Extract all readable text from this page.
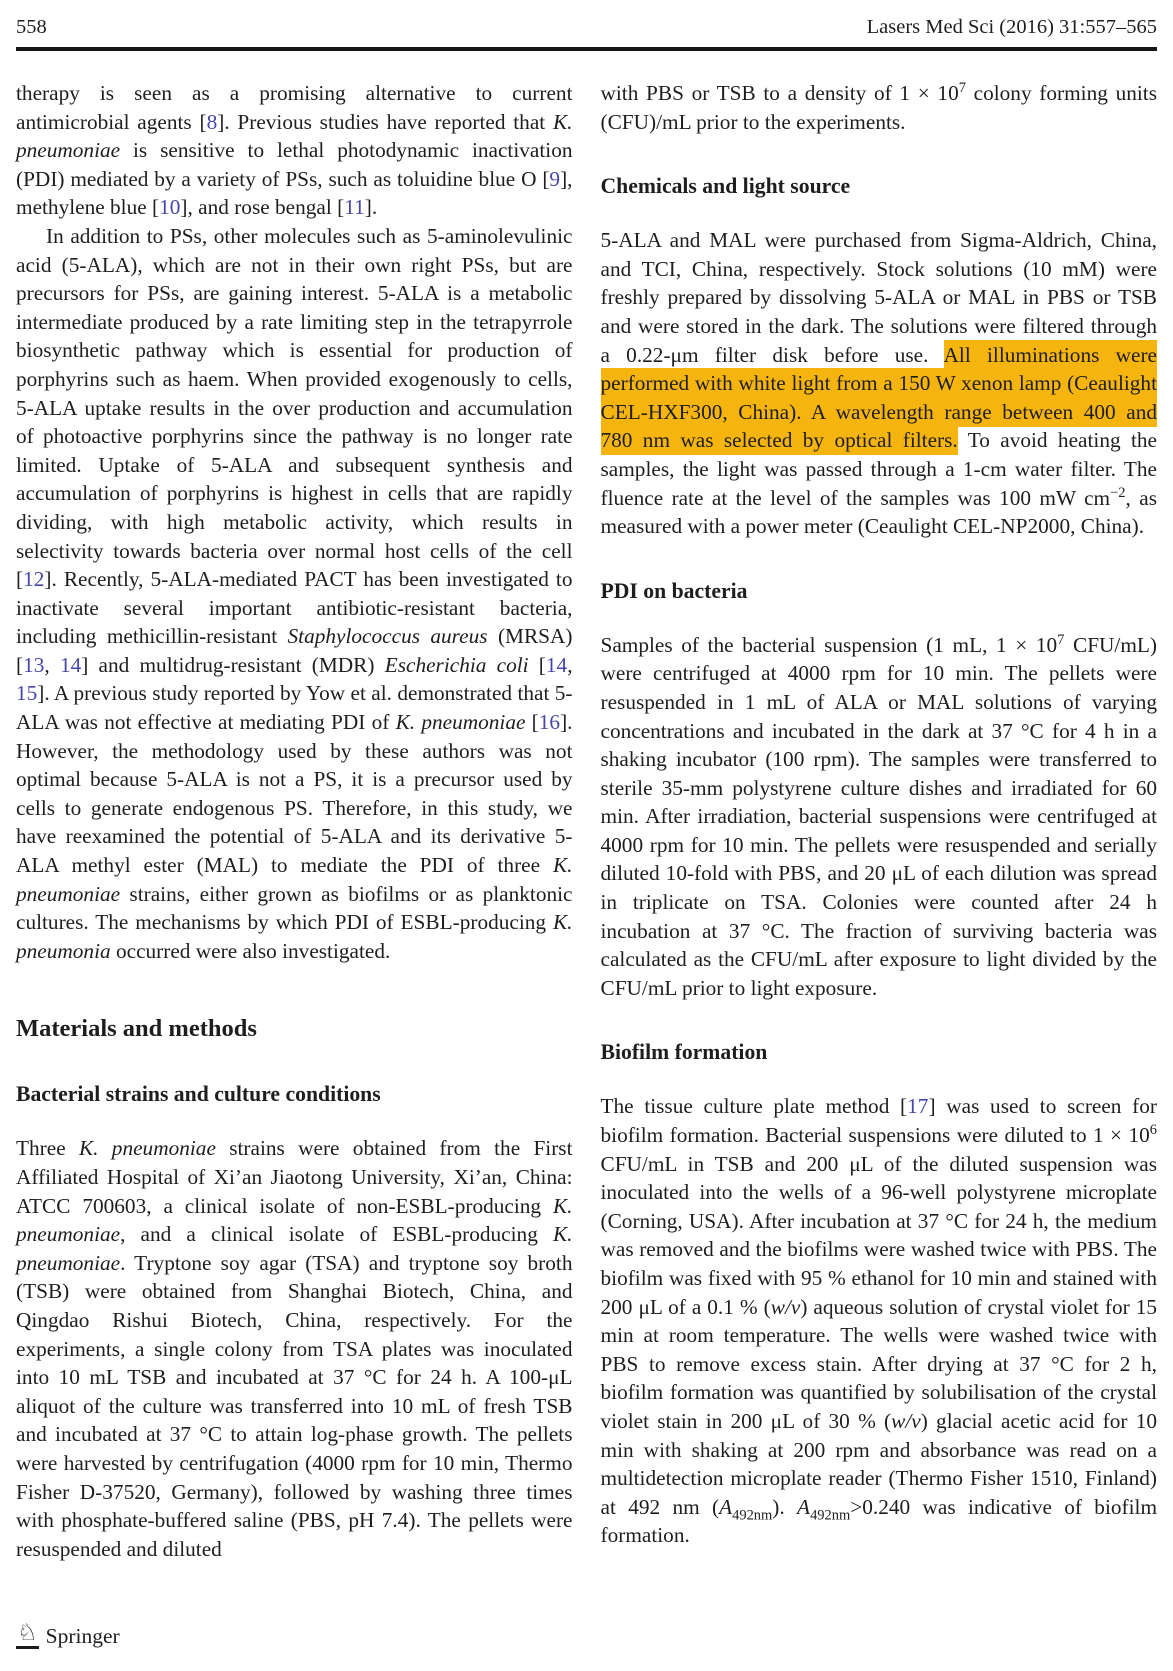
558	Lasers Med Sci (2016) 31:557–565

therapy is seen as a promising alternative to current antimicrobial agents [8]. Previous studies have reported that K. pneumoniae is sensitive to lethal photodynamic inactivation (PDI) mediated by a variety of PSs, such as toluidine blue O [9], methylene blue [10], and rose bengal [11].

In addition to PSs, other molecules such as 5-aminolevulinic acid (5-ALA), which are not in their own right PSs, but are precursors for PSs, are gaining interest. 5-ALA is a metabolic intermediate produced by a rate limiting step in the tetrapyrrole biosynthetic pathway which is essential for production of porphyrins such as haem. When provided exogenously to cells, 5-ALA uptake results in the over production and accumulation of photoactive porphyrins since the pathway is no longer rate limited. Uptake of 5-ALA and subsequent synthesis and accumulation of porphyrins is highest in cells that are rapidly dividing, with high metabolic activity, which results in selectivity towards bacteria over normal host cells of the cell [12]. Recently, 5-ALA-mediated PACT has been investigated to inactivate several important antibiotic-resistant bacteria, including methicillin-resistant Staphylococcus aureus (MRSA) [13, 14] and multidrug-resistant (MDR) Escherichia coli [14, 15]. A previous study reported by Yow et al. demonstrated that 5-ALA was not effective at mediating PDI of K. pneumoniae [16]. However, the methodology used by these authors was not optimal because 5-ALA is not a PS, it is a precursor used by cells to generate endogenous PS. Therefore, in this study, we have reexamined the potential of 5-ALA and its derivative 5-ALA methyl ester (MAL) to mediate the PDI of three K. pneumoniae strains, either grown as biofilms or as planktonic cultures. The mechanisms by which PDI of ESBL-producing K. pneumonia occurred were also investigated.

Materials and methods
Bacterial strains and culture conditions

Three K. pneumoniae strains were obtained from the First Affiliated Hospital of Xi’an Jiaotong University, Xi’an, China: ATCC 700603, a clinical isolate of non-ESBL-producing K. pneumoniae, and a clinical isolate of ESBL-producing K. pneumoniae. Tryptone soy agar (TSA) and tryptone soy broth (TSB) were obtained from Shanghai Biotech, China, and Qingdao Rishui Biotech, China, respectively. For the experiments, a single colony from TSA plates was inoculated into 10 mL TSB and incubated at 37 °C for 24 h. A 100-μL aliquot of the culture was transferred into 10 mL of fresh TSB and incubated at 37 °C to attain log-phase growth. The pellets were harvested by centrifugation (4000 rpm for 10 min, Thermo Fisher D-37520, Germany), followed by washing three times with phosphate-buffered saline (PBS, pH 7.4). The pellets were resuspended and diluted

with PBS or TSB to a density of $1 \times 10^7$ colony forming units (CFU)/mL prior to the experiments.

Chemicals and light source

5-ALA and MAL were purchased from Sigma-Aldrich, China, and TCI, China, respectively. Stock solutions (10 mM) were freshly prepared by dissolving 5-ALA or MAL in PBS or TSB and were stored in the dark. The solutions were filtered through a 0.22-μm filter disk before use. All illuminations were performed with white light from a 150 W xenon lamp (Ceaulight CEL-HXF300, China). A wavelength range between 400 and 780 nm was selected by optical filters. To avoid heating the samples, the light was passed through a 1-cm water filter. The fluence rate at the level of the samples was 100 mW $cm^{-2}$, as measured with a power meter (Ceaulight CEL-NP2000, China).

PDI on bacteria

Samples of the bacterial suspension (1 mL, $1 \times 10^7$ CFU/mL) were centrifuged at 4000 rpm for 10 min. The pellets were resuspended in 1 mL of ALA or MAL solutions of varying concentrations and incubated in the dark at 37 °C for 4 h in a shaking incubator (100 rpm). The samples were transferred to sterile 35-mm polystyrene culture dishes and irradiated for 60 min. After irradiation, bacterial suspensions were centrifuged at 4000 rpm for 10 min. The pellets were resuspended and serially diluted 10-fold with PBS, and 20 μL of each dilution was spread in triplicate on TSA. Colonies were counted after 24 h incubation at 37 °C. The fraction of surviving bacteria was calculated as the CFU/mL after exposure to light divided by the CFU/mL prior to light exposure.

Biofilm formation

The tissue culture plate method [17] was used to screen for biofilm formation. Bacterial suspensions were diluted to $1 \times 10^6$ CFU/mL in TSB and 200 μL of the diluted suspension was inoculated into the wells of a 96-well polystyrene microplate (Corning, USA). After incubation at 37 °C for 24 h, the medium was removed and the biofilms were washed twice with PBS. The biofilm was fixed with 95 % ethanol for 10 min and stained with 200 μL of a 0.1 % (w/v) aqueous solution of crystal violet for 15 min at room temperature. The wells were washed twice with PBS to remove excess stain. After drying at 37 °C for 2 h, biofilm formation was quantified by solubilisation of the crystal violet stain in 200 μL of 30 % (w/v) glacial acetic acid for 10 min with shaking at 200 rpm and absorbance was read on a multidetection microplate reader (Thermo Fisher 1510, Finland) at 492 nm $(A_{492nm})$. $A_{492nm}>0.240$ was indicative of biofilm formation.

♘ Springer
